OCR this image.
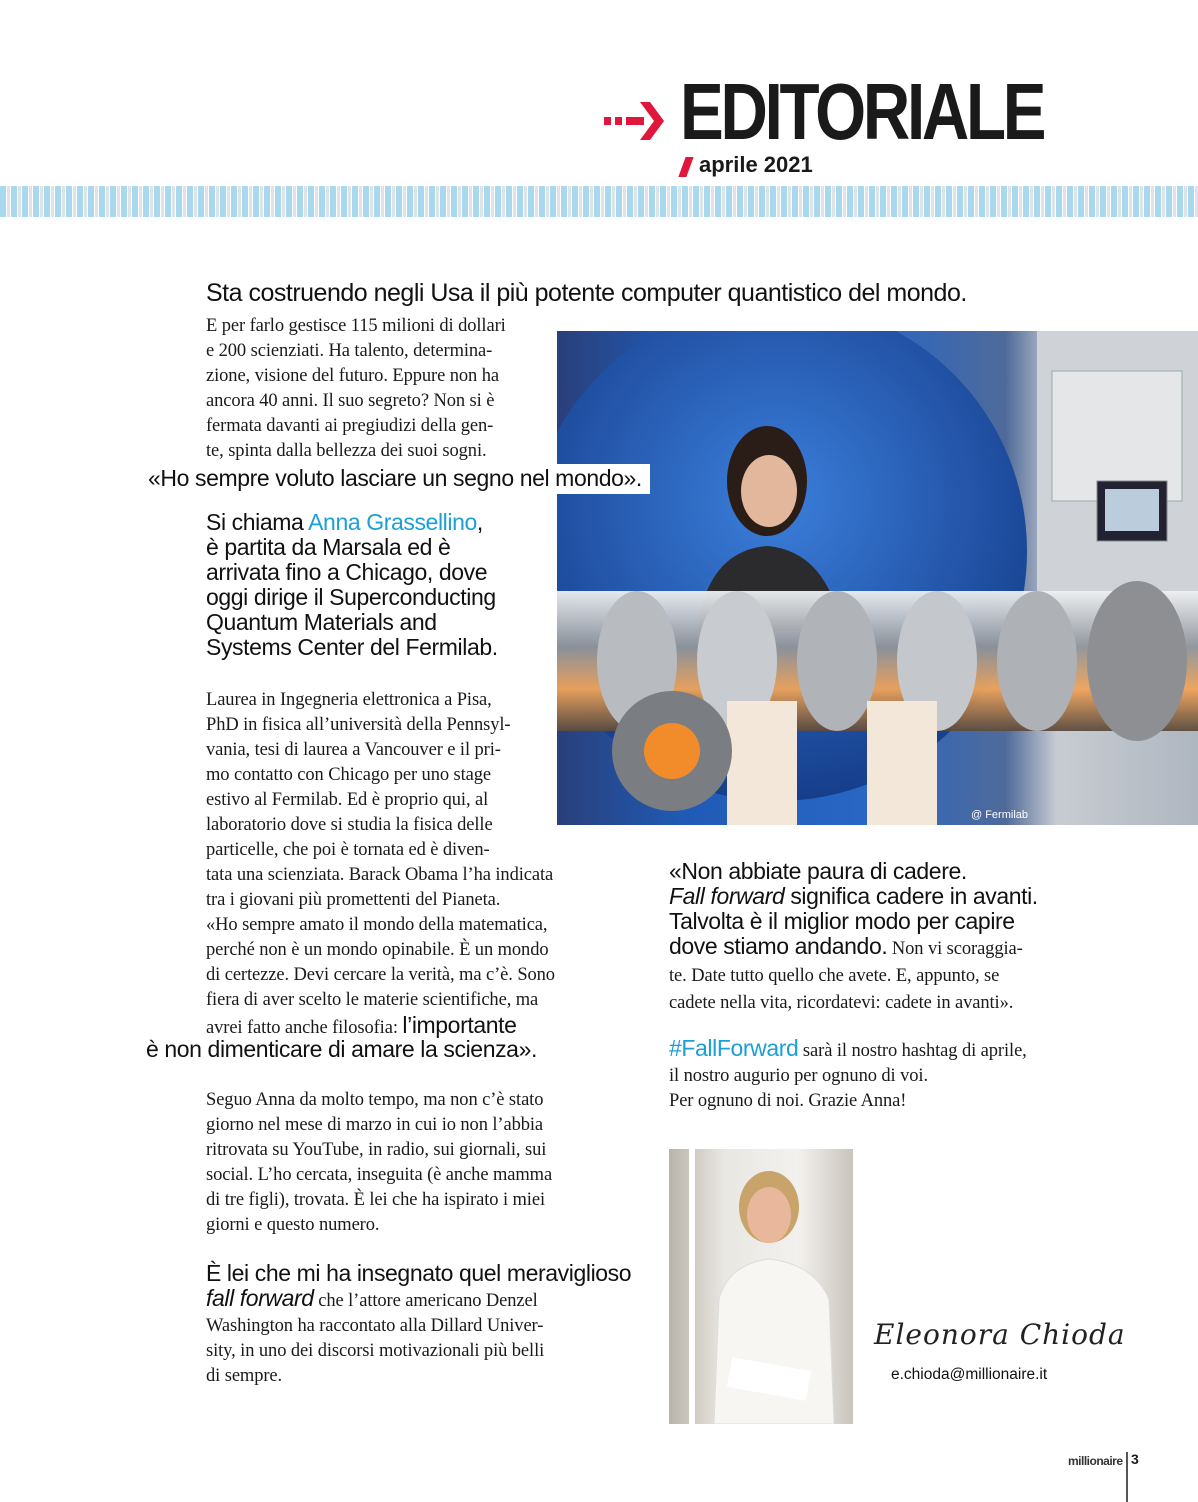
EDITORIALE
aprile 2021
Sta costruendo negli Usa il più potente computer quantistico del mondo.
@ Fermilab
E per farlo gestisce 115 milioni di dollari
e 200 scienziati. Ha talento, determina-
zione, visione del futuro. Eppure non ha
ancora 40 anni. Il suo segreto? Non si è
fermata davanti ai pregiudizi della gen-
te, spinta dalla bellezza dei suoi sogni.
«Ho sempre voluto lasciare un segno nel mondo».
Si chiama Anna Grassellino,
è partita da Marsala ed è
arrivata fino a Chicago, dove
oggi dirige il Superconducting
Quantum Materials and
Systems Center del Fermilab.
Laurea in Ingegneria elettronica a Pisa,
PhD in fisica all’università della Pennsyl-
vania, tesi di laurea a Vancouver e il pri-
mo contatto con Chicago per uno stage
estivo al Fermilab. Ed è proprio qui, al
laboratorio dove si studia la fisica delle
particelle, che poi è tornata ed è diven-
tata una scienziata. Barack Obama l’ha indicata
tra i giovani più promettenti del Pianeta.
«Ho sempre amato il mondo della matematica,
perché non è un mondo opinabile. È un mondo
di certezze. Devi cercare la verità, ma c’è. Sono
fiera di aver scelto le materie scientifiche, ma
avrei fatto anche filosofia: l’importante
è non dimenticare di amare la scienza».
Seguo Anna da molto tempo, ma non c’è stato
giorno nel mese di marzo in cui io non l’abbia
ritrovata su YouTube, in radio, sui giornali, sui
social. L’ho cercata, inseguita (è anche mamma
di tre figli), trovata. È lei che ha ispirato i miei
giorni e questo numero.
È lei che mi ha insegnato quel meraviglioso
fall forward che l’attore americano Denzel
Washington ha raccontato alla Dillard Univer-
sity, in uno dei discorsi motivazionali più belli
di sempre.
«Non abbiate paura di cadere.
Fall forward significa cadere in avanti.
Talvolta è il miglior modo per capire
dove stiamo andando. Non vi scoraggia-
te. Date tutto quello che avete. E, appunto, se
cadete nella vita, ricordatevi: cadete in avanti».
#FallForward sarà il nostro hashtag di aprile,
il nostro augurio per ognuno di voi.
Per ognuno di noi. Grazie Anna!
Eleonora Chioda
e.chioda@millionaire.it
millionaire 3
